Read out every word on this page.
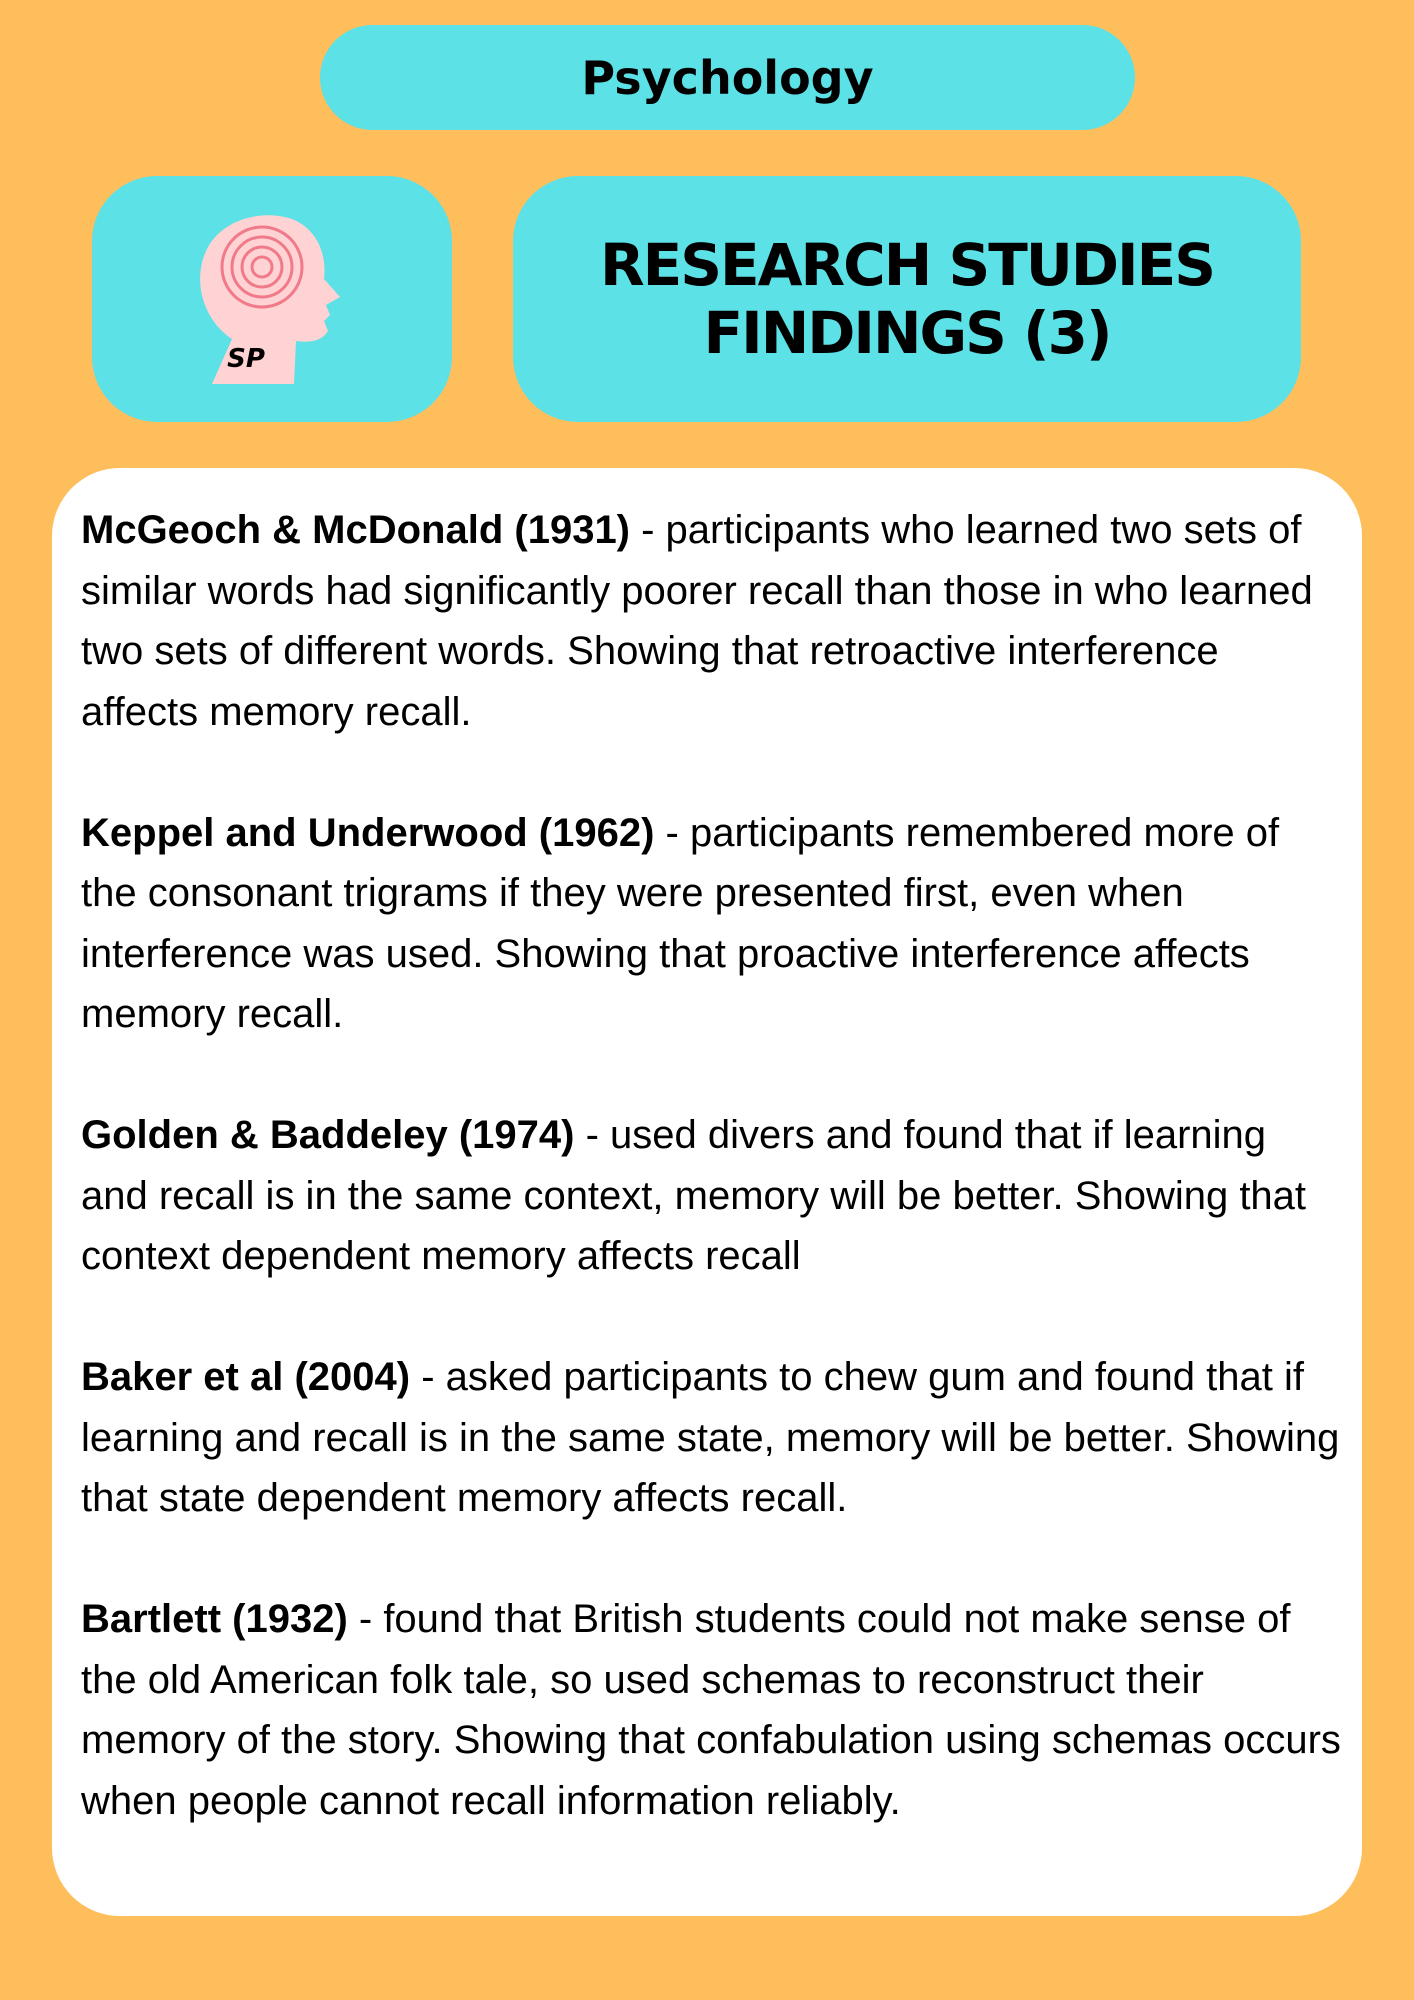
Psychology
SP
RESEARCH STUDIES
FINDINGS (3)

McGeoch & McDonald (1931) - participants who learned two sets of similar words had significantly poorer recall than those in who learned two sets of different words. Showing that retroactive interference affects memory recall.

Keppel and Underwood (1962) - participants remembered more of the consonant trigrams if they were presented first, even when interference was used. Showing that proactive interference affects memory recall.

Golden & Baddeley (1974) - used divers and found that if learning and recall is in the same context, memory will be better. Showing that context dependent memory affects recall

Baker et al (2004) - asked participants to chew gum and found that if learning and recall is in the same state, memory will be better. Showing that state dependent memory affects recall.

Bartlett (1932) - found that British students could not make sense of the old American folk tale, so used schemas to reconstruct their memory of the story. Showing that confabulation using schemas occurs when people cannot recall information reliably.
